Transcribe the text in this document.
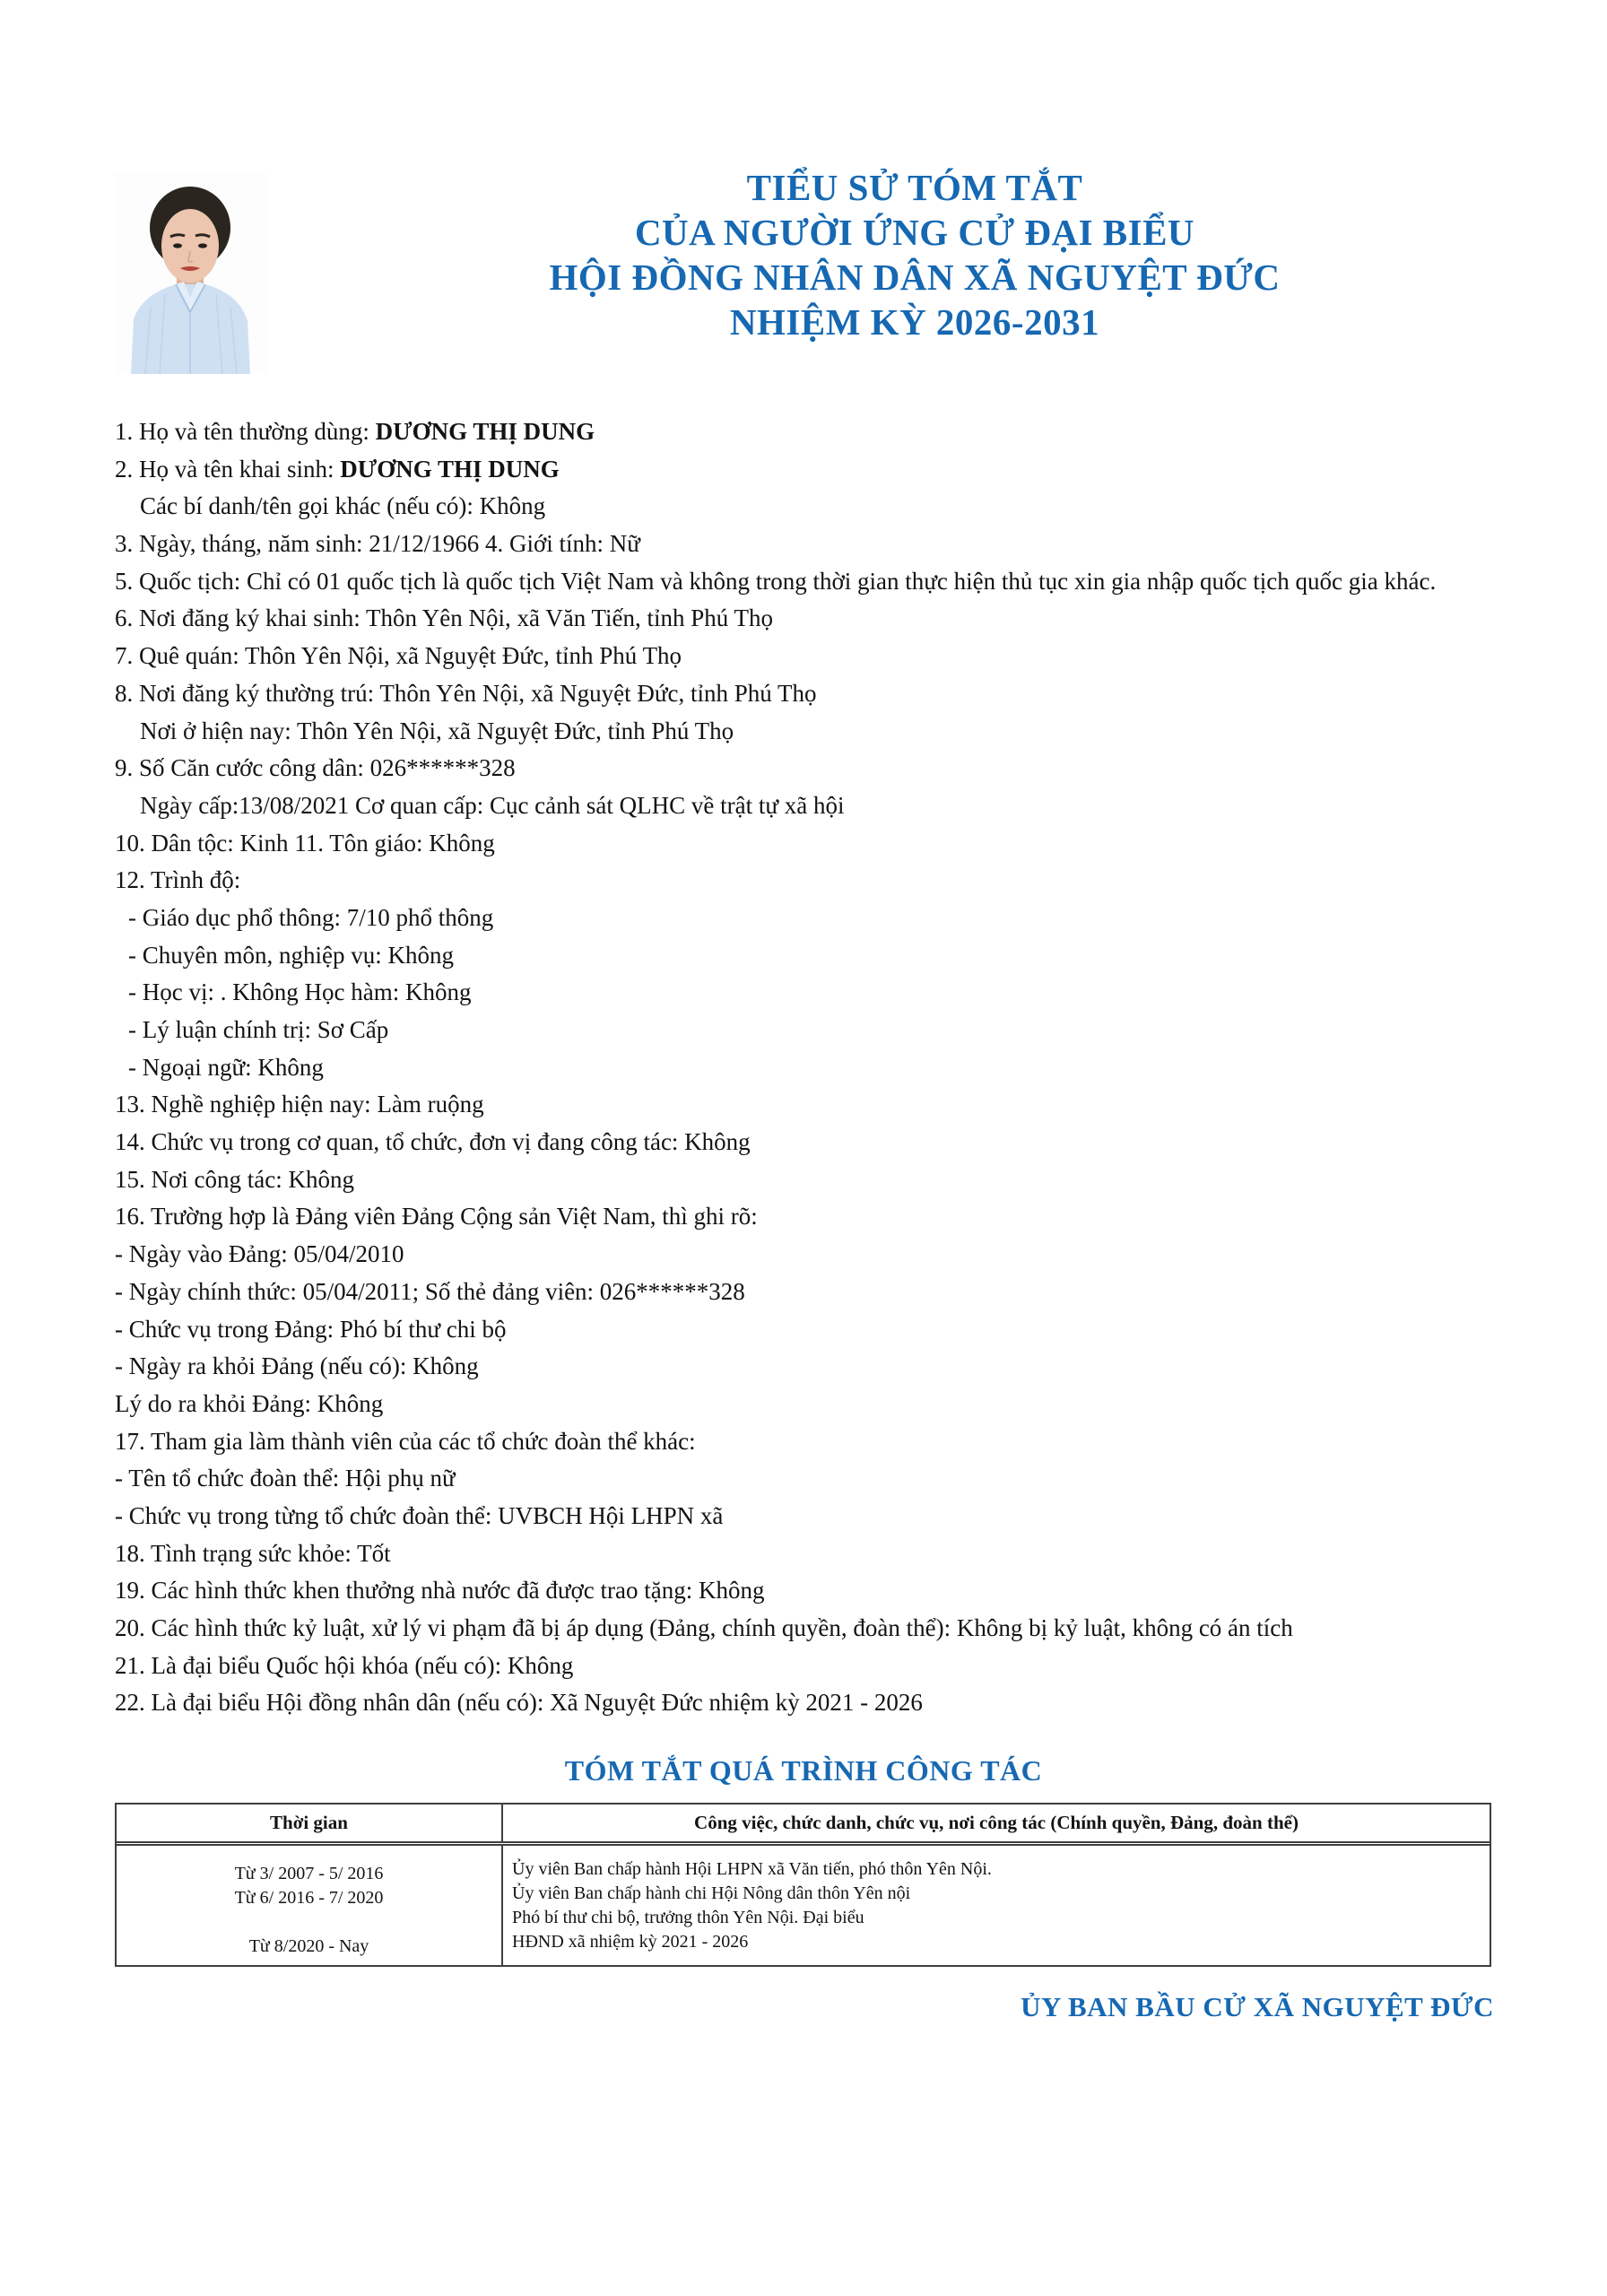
TIỂU SỬ TÓM TẮT
CỦA NGƯỜI ỨNG CỬ ĐẠI BIỂU
HỘI ĐỒNG NHÂN DÂN XÃ NGUYỆT ĐỨC
NHIỆM KỲ 2026-2031
1. Họ và tên thường dùng: DƯƠNG THỊ DUNG
2. Họ và tên khai sinh: DƯƠNG THỊ DUNG
Các bí danh/tên gọi khác (nếu có): Không
3. Ngày, tháng, năm sinh: 21/12/1966 4. Giới tính: Nữ
5. Quốc tịch: Chỉ có 01 quốc tịch là quốc tịch Việt Nam và không trong thời gian thực hiện thủ tục xin gia nhập quốc tịch quốc gia khác.
6. Nơi đăng ký khai sinh: Thôn Yên Nội, xã Văn Tiến, tỉnh Phú Thọ
7. Quê quán: Thôn Yên Nội, xã Nguyệt Đức, tỉnh Phú Thọ
8. Nơi đăng ký thường trú: Thôn Yên Nội, xã Nguyệt Đức, tỉnh Phú Thọ
Nơi ở hiện nay: Thôn Yên Nội, xã Nguyệt Đức, tỉnh Phú Thọ
9. Số Căn cước công dân: 026******328
Ngày cấp:13/08/2021 Cơ quan cấp: Cục cảnh sát QLHC về trật tự xã hội
10. Dân tộc: Kinh 11. Tôn giáo: Không
12. Trình độ:
- Giáo dục phổ thông: 7/10 phổ thông
- Chuyên môn, nghiệp vụ: Không
- Học vị: . Không Học hàm: Không
- Lý luận chính trị: Sơ Cấp
- Ngoại ngữ: Không
13. Nghề nghiệp hiện nay: Làm ruộng
14. Chức vụ trong cơ quan, tổ chức, đơn vị đang công tác: Không
15. Nơi công tác: Không
16. Trường hợp là Đảng viên Đảng Cộng sản Việt Nam, thì ghi rõ:
- Ngày vào Đảng: 05/04/2010
- Ngày chính thức: 05/04/2011; Số thẻ đảng viên: 026******328
- Chức vụ trong Đảng: Phó bí thư chi bộ
- Ngày ra khỏi Đảng (nếu có): Không
Lý do ra khỏi Đảng: Không
17. Tham gia làm thành viên của các tổ chức đoàn thể khác:
- Tên tổ chức đoàn thể: Hội phụ nữ
- Chức vụ trong từng tổ chức đoàn thể: UVBCH Hội LHPN xã
18. Tình trạng sức khỏe: Tốt
19. Các hình thức khen thưởng nhà nước đã được trao tặng: Không
20. Các hình thức kỷ luật, xử lý vi phạm đã bị áp dụng (Đảng, chính quyền, đoàn thể): Không bị kỷ luật, không có án tích
21. Là đại biểu Quốc hội khóa (nếu có): Không
22. Là đại biểu Hội đồng nhân dân (nếu có): Xã Nguyệt Đức nhiệm kỳ 2021 - 2026
TÓM TẮT QUÁ TRÌNH CÔNG TÁC
Thời gian	Công việc, chức danh, chức vụ, nơi công tác (Chính quyền, Đảng, đoàn thể)
Từ 3/ 2007 - 5/ 2016
Từ 6/ 2016 - 7/ 2020
Từ 8/2020 - Nay
Ủy viên Ban chấp hành Hội LHPN xã Văn tiến, phó thôn Yên Nội.
Ủy viên Ban chấp hành chi Hội Nông dân thôn Yên nội
Phó bí thư chi bộ, trưởng thôn Yên Nội. Đại biểu
HĐND xã nhiệm kỳ 2021 - 2026
ỦY BAN BẦU CỬ XÃ NGUYỆT ĐỨC
